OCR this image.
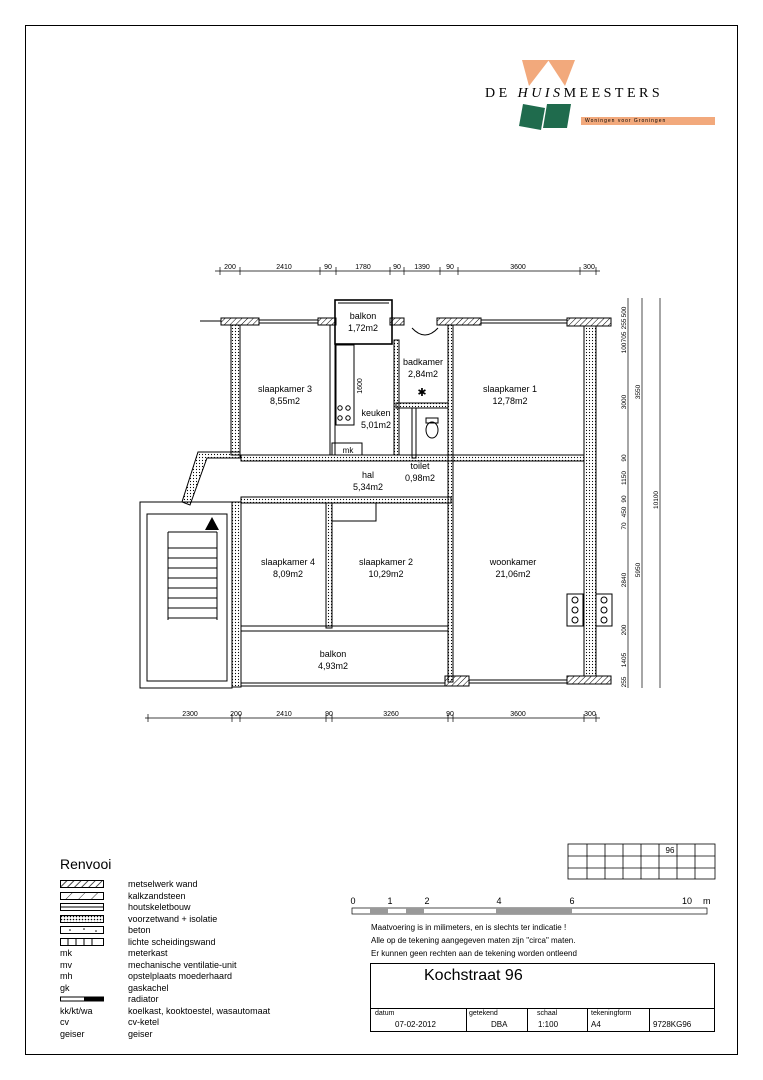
DE HUISMEESTERS
Woningen voor Groningen
200	2410	90	1780	90 1390 90	3600	300
✱
1600
500
255
705
100
3000
90
1150
90
450
70
2840
200
1405
255
3550
5950
10100
2300	200	2410	90	3260	90	3600	300
balkon
1,72m2
slaapkamer 3
8,55m2
badkamer
2,84m2
slaapkamer 1
12,78m2
keuken
5,01m2
mk
toilet
0,98m2
hal
5,34m2
slaapkamer 4
8,09m2
slaapkamer 2
10,29m2
woonkamer
21,06m2
balkon
4,93m2
Renvooi
metselwerk wand
kalkzandsteen
houtskeletbouw
voorzetwand + isolatie
beton
lichte scheidingswand
mk	meterkast
mv	mechanische ventilatie-unit
mh	opstelplaats moederhaard
gk	gaskachel
radiator
kk/kt/wa	koelkast, kooktoestel, wasautomaat
cv	cv-ketel
geiser	geiser
96
0	1	2	4	6	10 m
Maatvoering is in milimeters, en is slechts ter indicatie !
Alle op de tekening aangegeven maten zijn "circa" maten.
Er kunnen geen rechten aan de tekening worden ontleend
Kochstraat 96
datum
07-02-2012
getekend
DBA
schaal
1:100
tekeningform
A4	9728KG96
